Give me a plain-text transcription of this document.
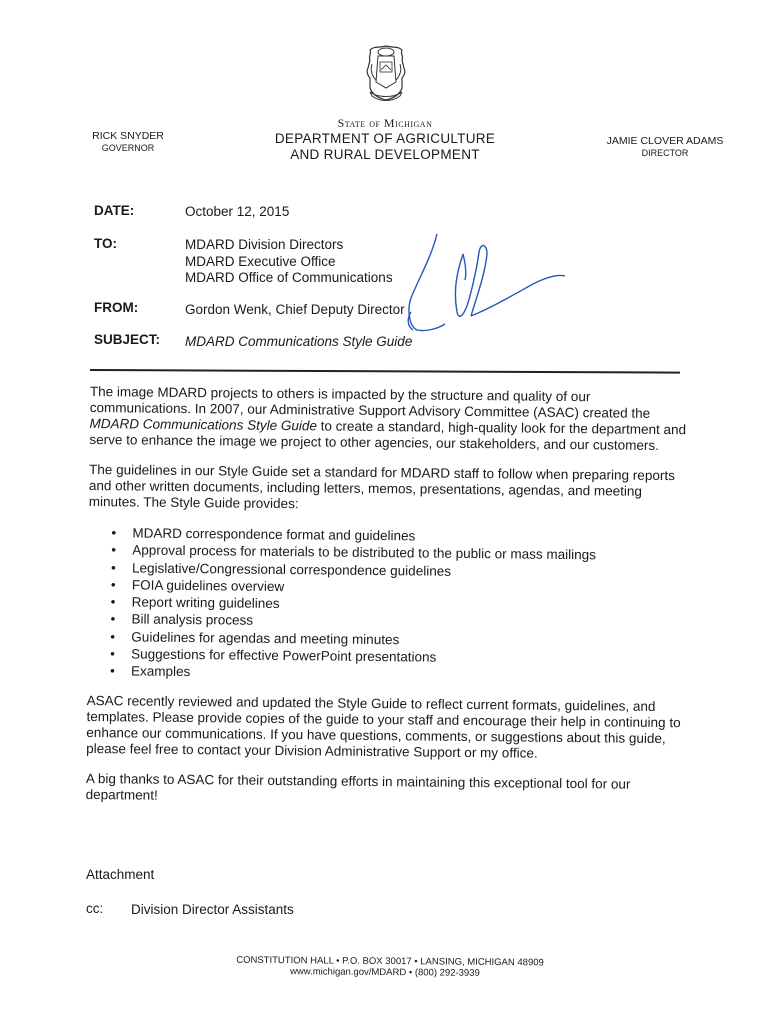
State of Michigan
DEPARTMENT OF AGRICULTURE
AND RURAL DEVELOPMENT
RICK SNYDER
GOVERNOR
JAMIE CLOVER ADAMS
DIRECTOR
DATE:	October 12, 2015
TO:	MDARD Division Directors
MDARD Executive Office
MDARD Office of Communications
FROM:	Gordon Wenk, Chief Deputy Director
SUBJECT: MDARD Communications Style Guide

The image MDARD projects to others is impacted by the structure and quality of our communications. In 2007, our Administrative Support Advisory Committee (ASAC) created the MDARD Communications Style Guide to create a standard, high-quality look for the department and serve to enhance the image we project to other agencies, our stakeholders, and our customers.

The guidelines in our Style Guide set a standard for MDARD staff to follow when preparing reports and other written documents, including letters, memos, presentations, agendas, and meeting minutes. The Style Guide provides:

• MDARD correspondence format and guidelines
• Approval process for materials to be distributed to the public or mass mailings
• Legislative/Congressional correspondence guidelines
• FOIA guidelines overview
• Report writing guidelines
• Bill analysis process
• Guidelines for agendas and meeting minutes
• Suggestions for effective PowerPoint presentations
• Examples

ASAC recently reviewed and updated the Style Guide to reflect current formats, guidelines, and templates. Please provide copies of the guide to your staff and encourage their help in continuing to enhance our communications. If you have questions, comments, or suggestions about this guide, please feel free to contact your Division Administrative Support or my office.

A big thanks to ASAC for their outstanding efforts in maintaining this exceptional tool for our department!

Attachment
cc: Division Director Assistants
CONSTITUTION HALL • P.O. BOX 30017 • LANSING, MICHIGAN 48909
www.michigan.gov/MDARD • (800) 292-3939
